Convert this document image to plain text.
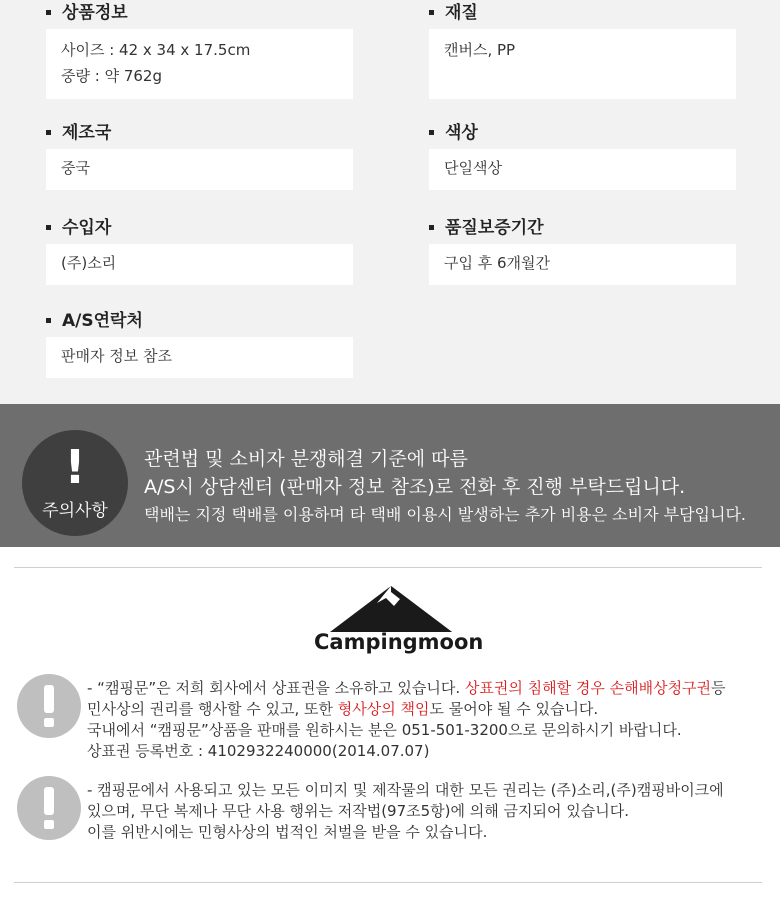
상품정보
사이즈 : 42 x 34 x 17.5cm
중량 : 약 762g
재질
캔버스, PP
제조국
중국
색상
단일색상
수입자
(주)소리
품질보증기간
구입 후 6개월간
A/S연락처
판매자 정보 참조
!
주의사항
관련법 및 소비자 분쟁해결 기준에 따름
A/S시 상담센터 (판매자 정보 참조)로 전화 후 진행 부탁드립니다.
택배는 지정 택배를 이용하며 타 택배 이용시 발생하는 추가 비용은 소비자 부담입니다.
Campingmoon
- “캠핑문”은 저희 회사에서 상표권을 소유하고 있습니다. 상표권의 침해할 경우 손해배상청구권등
민사상의 권리를 행사할 수 있고, 또한 형사상의 책임도 물어야 될 수 있습니다.
국내에서 “캠핑문”상품을 판매를 원하시는 분은 051-501-3200으로 문의하시기 바랍니다.
상표권 등록번호 : 4102932240000(2014.07.07)
- 캠핑문에서 사용되고 있는 모든 이미지 및 제작물의 대한 모든 권리는 (주)소리,(주)캠핑바이크에
있으며, 무단 복제나 무단 사용 행위는 저작법(97조5항)에 의해 금지되어 있습니다.
이를 위반시에는 민형사상의 법적인 처벌을 받을 수 있습니다.
